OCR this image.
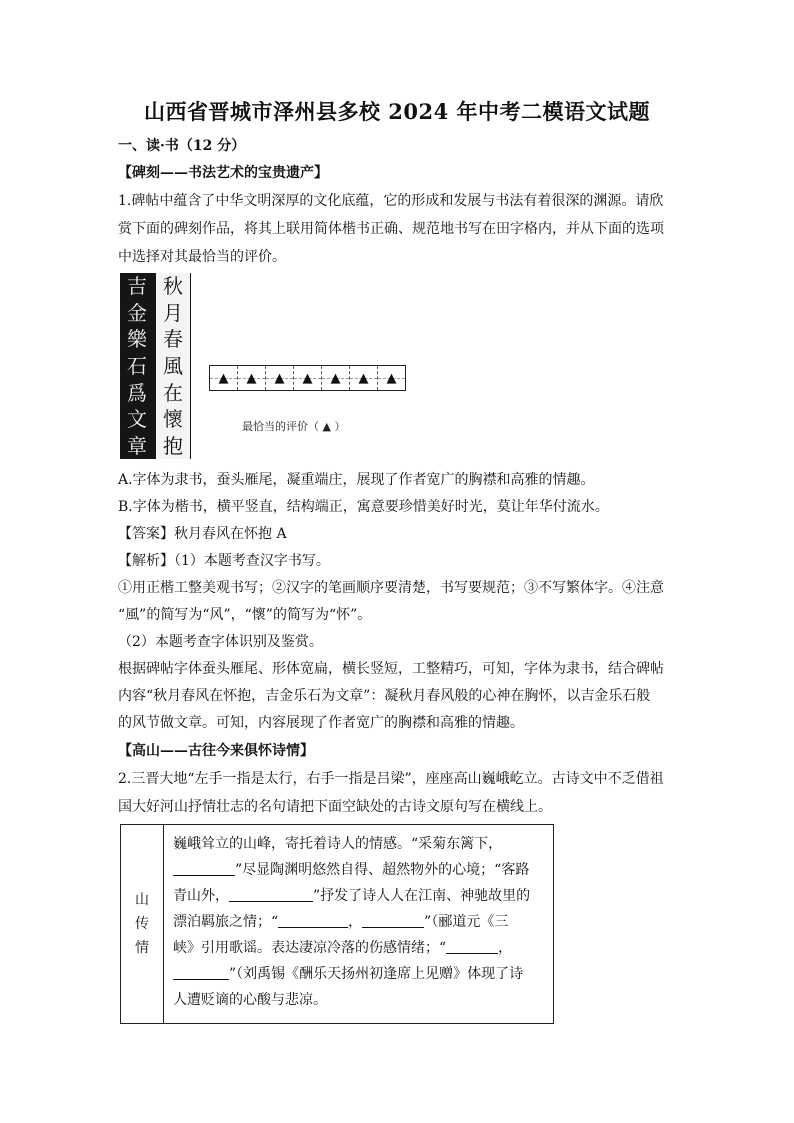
山西省晋城市泽州县多校 2024 年中考二模语文试题
一、读·书（12 分）
【碑刻——书法艺术的宝贵遗产】
1.碑帖中蕴含了中华文明深厚的文化底蕴，它的形成和发展与书法有着很深的渊源。请欣
赏下面的碑刻作品，将其上联用简体楷书正确、规范地书写在田字格内，并从下面的选项
中选择对其最恰当的评价。
吉
金
樂
石
爲
文
章
秋
月
春
風
在
懷
抱
▲ ▲ ▲ ▲ ▲ ▲ ▲
最恰当的评价（ ▲ ）
A.字体为隶书，蚕头雁尾，凝重端庄，展现了作者宽广的胸襟和高雅的情趣。
B.字体为楷书，横平竖直，结构端正，寓意要珍惜美好时光，莫让年华付流水。
【答案】秋月春风在怀抱 A
【解析】（1）本题考查汉字书写。
①用正楷工整美观书写；②汉字的笔画顺序要清楚，书写要规范；③不写繁体字。④注意
“風”的简写为“风”，“懷”的简写为“怀”。
（2）本题考查字体识别及鉴赏。
根据碑帖字体蚕头雁尾、形体宽扁，横长竖短，工整精巧，可知，字体为隶书，结合碑帖
内容“秋月春风在怀抱，吉金乐石为文章”：凝秋月春风般的心神在胸怀，以吉金乐石般
的风节做文章。可知，内容展现了作者宽广的胸襟和高雅的情趣。
【高山——古往今来俱怀诗情】
2.三晋大地“左手一指是太行，右手一指是吕梁”，座座高山巍峨屹立。古诗文中不乏借祖
国大好河山抒情壮志的名句请把下面空缺处的古诗文原句写在横线上。
山
传
情
巍峨耸立的山峰，寄托着诗人的情感。“采菊东篱下，
”尽显陶渊明悠然自得、超然物外的心境；“客路
青山外，	”抒发了诗人人在江南、神驰故里的
漂泊羁旅之情；“	，	”（郦道元《三
峡》引用歌谣。表达凄凉冷落的伤感情绪；“	，
”（刘禹锡《酬乐天扬州初逢席上见赠》体现了诗
人遭贬谪的心酸与悲凉。
